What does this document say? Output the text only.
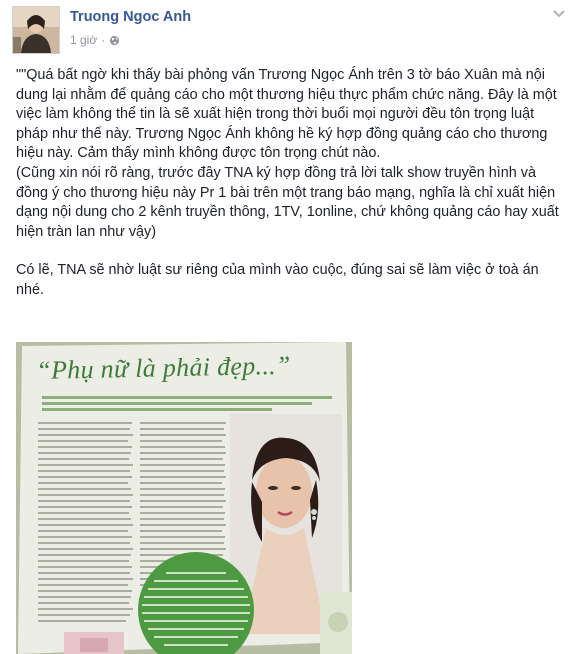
Truong Ngoc Anh
1 giờ ·

""Quá bất ngờ khi thấy bài phỏng vấn Trương Ngọc Ánh trên 3 tờ báo Xuân mà nội dung lại nhằm để quảng cáo cho một thương hiệu thực phẩm chức năng. Đây là một việc làm không thể tin là sẽ xuất hiện trong thời buổi mọi người đều tôn trọng luật pháp như thế này. Trương Ngọc Ánh không hề ký hợp đồng quảng cáo cho thương hiệu này. Cảm thấy mình không được tôn trọng chút nào.
(Cũng xin nói rõ ràng, trước đây TNA ký hợp đồng trả lời talk show truyền hình và đồng ý cho thương hiệu này Pr 1 bài trên một trang báo mạng, nghĩa là chỉ xuất hiện dạng nội dung cho 2 kênh truyền thông, 1TV, 1online, chứ không quảng cáo hay xuất hiện tràn lan như vậy)

Có lẽ, TNA sẽ nhờ luật sư riêng của mình vào cuộc, đúng sai sẽ làm việc ở toà án nhé.

“Phụ nữ là phải đẹp...”
